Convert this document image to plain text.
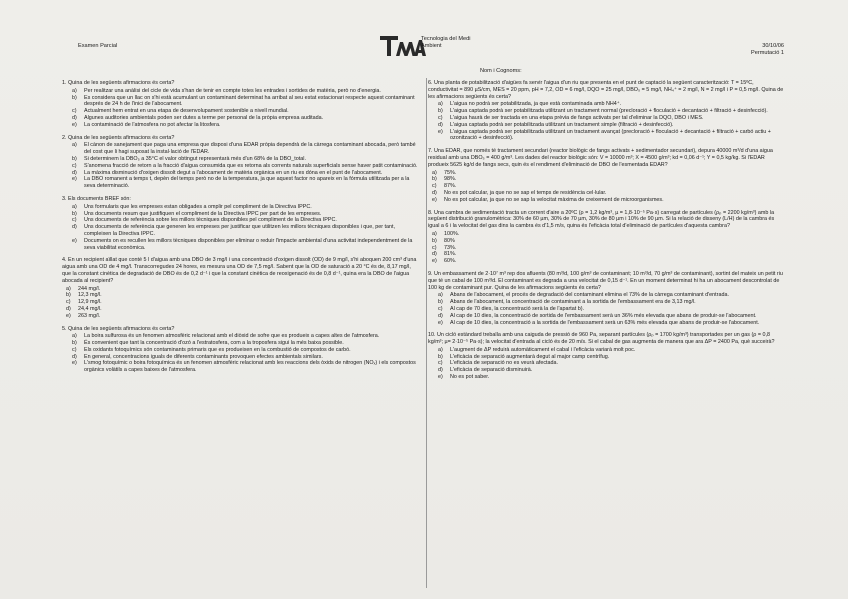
Examen Parcial
Tecnologia del Medi
Ambient	30/10/06
Permutació 1
Nom i Cognoms:
1. Quina de les següents afirmacions és certa?
a)	Per realitzar una anàlisi del cicle de vida s'han de tenir en compte totes les entrades i sortides de matèria, però no d'energia.
b)	Es considera que un llac on s'hi està acumulant un contaminant determinat ha arribat al seu estat estacionari respecte aquest contaminant després de 24 h de l'inici de l'abocament.
c)	Actualment hem entrat en una etapa de desenvolupament sostenible a nivell mundial.
d)	Algunes auditories ambientals poden ser dutes a terme per personal de la pròpia empresa auditada.
e)	La contaminació de l'atmosfera no pot afectar la litosfera.
2. Quina de les següents afirmacions és certa?
a)	El cànon de sanejament que paga una empresa que disposi d'una EDAR pròpia dependrà de la càrrega contaminant abocada, però també del cost que li hagi suposat la instal·lació de l'EDAR.
b)	Si determinem la DBO₅ a 35°C el valor obtingut representarà més d'un 68% de la DBO_total.
c)	S'anomena fracció de retorn a la fracció d'aigua consumida que es retorna als corrents naturals superficials sense haver patit contaminació.
d)	La màxima disminució d'oxigen dissolt degut a l'abocament de matèria orgànica en un riu es dóna en el punt de l'abocament.
e)	La DBO romanent a temps t, depèn del temps però no de la temperatura, ja que aquest factor no apareix en la fórmula utilitzada per a la seva determinació.
3. Els documents BREF són:
a)	Uns formularis que les empreses estan obligades a omplir pel compliment de la Directiva IPPC.
b)	Uns documents resum que justifiquen el compliment de la Directiva IPPC per part de les empreses.
c)	Uns documents de referència sobre les millors tècniques disponibles pel compliment de la Directiva IPPC.
d)	Uns documents de referència que generen les empreses per justificar que utilitzen les millors tècniques disponibles i que, per tant, compleixen la Directiva IPPC.
e)	Documents on es recullen les millors tècniques disponibles per eliminar o reduir l'impacte ambiental d'una activitat independentment de la seva viabilitat econòmica.
4. En un recipient aïllat que conté 5 l d'aigua amb una DBO de 3 mg/l i una concentració d'oxigen dissolt (OD) de 9 mg/l, s'hi aboquen 200 cm³ d'una aigua amb una OD de 4 mg/l. Transcorregudes 24 hores, es mesura una OD de 7,5 mg/l. Sabent que la OD de saturació a 20 °C és de, 8,17 mg/l, que la constant cinètica de degradació de DBO és de 0,2 d⁻¹ i que la constant cinètica de reoxigenació és de 0,8 d⁻¹, quina era la DBO de l'aigua abocada al recipient?
a)	244 mg/l.
b)	12,3 mg/l.
c)	12,9 mg/l.
d)	24,4 mg/l.
e)	263 mg/l.
5. Quina de les següents afirmacions és certa?
a)	La boira sulfurosa és un fenomen atmosfèric relacionat amb el diòxid de sofre que es produeix a capes altes de l'atmosfera.
b)	És convenient que tant la concentració d'ozó a l'estratosfera, com a la troposfera sigui la més baixa possible.
c)	Els oxidants fotoquímics són contaminants primaris que es produeixen en la combustió de compostos de carbó.
d)	En general, concentracions iguals de diferents contaminants provoquen efectes ambientals similars.
e)	L'smog fotoquímic o boira fotoquímica és un fenomen atmosfèric relacionat amb les reaccions dels òxids de nitrogen (NOₓ) i els compostos orgànics volàtils a capes baixes de l'atmosfera.
6. Una planta de potabilització d'aigües fa servir l'aigua d'un riu que presenta en el punt de captació la següent caracterització: T = 15ºC, conductivitat = 890 µS/cm, MES = 20 ppm, pH = 7,2, OD = 6 mg/l, DQO = 25 mg/l, DBO₅ = 5 mg/l, NH₄⁺ = 2 mg/l, N = 2 mg/l i P = 0,5 mg/l. Quina de les afirmacions següents és certa?
a)	L'aigua no podrà ser potabilitzada, ja que està contaminada amb NH4⁺.
b)	L'aigua captada podrà ser potabilitzada utilitzant un tractament normal (precloració + floculació + decantació + filtració + desinfecció).
c)	L'aigua haurà de ser tractada en una etapa prèvia de fangs activats per tal d'eliminar la DQO, DBO i MES.
d)	L'aigua captada podrà ser potabilitzada utilitzant un tractament simple (filtració + desinfecció).
e)	L'aigua captada podrà ser potabilitzada utilitzant un tractament avançat (precloració + floculació + decantació + filtració + carbó actiu + ozonització + desinfecció).
7. Una EDAR, que només té tractament secundari (reactor biològic de fangs activats + sedimentador secundari), depura 40000 m³/d d'una aigua residual amb una DBO₅ = 400 g/m³. Les dades del reactor biològic són: V = 10000 m³; X = 4500 g/m³; kd = 0,06 d⁻¹; Y = 0,5 kg/kg. Si l'EDAR produeix 5625 kg/d de fangs secs, quin és el rendiment d'eliminació de DBO de l'esmentada EDAR?
a)	75%.
b)	98%.
c)	87%.
d)	No es pot calcular, ja que no se sap el temps de residència cel·lular.
e)	No es pot calcular, ja que no se sap la velocitat màxima de creixement de microorganismes.
8. Una cambra de sedimentació tracta un corrent d'aire a 20ºC (ρ = 1,2 kg/m³, µ = 1,8·10⁻⁵ Pa·s) carregat de partícules (ρₚ = 2200 kg/m³) amb la següent distribució granulomètrica: 30% de 60 µm, 30% de 70 µm, 30% de 80 µm i 10% de 90 µm. Si la relació de disseny (L/H) de la cambra és igual a 6 i la velocitat del gas dins la cambra és d'1,5 m/s, quina és l'eficàcia total d'eliminació de partícules d'aquesta cambra?
a)	100%.
b)	80%
c)	73%.
d)	81%.
e)	60%.
9. Un embassament de 2·10⁷ m³ rep dos afluents (80 m³/d, 100 g/m³ de contaminant; 10 m³/d, 70 g/m³ de contaminant), sortint del mateix un petit riu que té un cabal de 100 m³/d. El contaminant es degrada a una velocitat de 0,15 d⁻¹. En un moment determinat hi ha un abocament descontrolat de 100 kg de contaminant pur. Quina de les afirmacions següents és certa?
a)	Abans de l'abocament, el procés de degradació del contaminant elimina el 73% de la càrrega contaminant d'entrada.
b)	Abans de l'abocament, la concentració de contaminant a la sortida de l'embassament era de 3,13 mg/l.
c)	Al cap de 70 dies, la concentració serà la de l'apartat b).
d)	Al cap de 10 dies, la concentració de sortida de l'embassament serà un 36% més elevada que abans de produir-se l'abocament.
e)	Al cap de 10 dies, la concentració a la sortida de l'embassament serà un 63% més elevada que abans de produir-se l'abocament.
10. Un cicló estàndard treballa amb una caiguda de pressió de 960 Pa, separant partícules (ρₚ = 1700 kg/m³) transportades per un gas (ρ = 0,8 kg/m³; µ= 2·10⁻⁵ Pa·s); la velocitat d'entrada al cicló és de 20 m/s. Si el cabal de gas augmenta de manera que ara ΔP = 2400 Pa, què succeirà?
a)	L'augment de ΔP reduirà automàticament el cabal i l'eficàcia variarà molt poc.
b)	L'eficàcia de separació augmentarà degut al major camp centrífug.
c)	L'eficàcia de separació no es veurà afectada.
d)	L'eficàcia de separació disminuirà.
e)	No es pot saber.
